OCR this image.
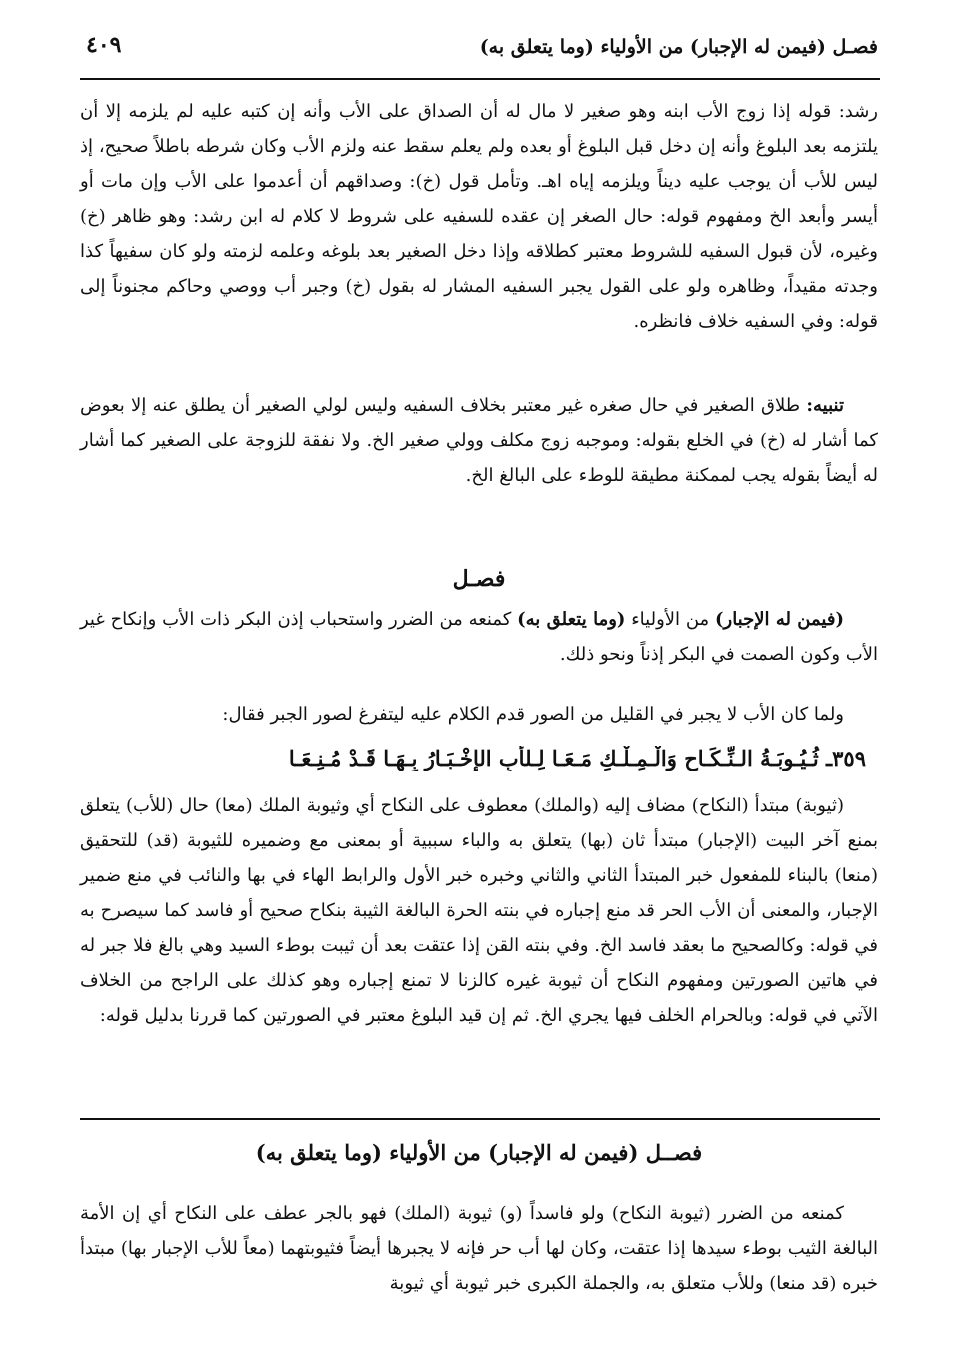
فصـل (فيمن له الإجبار) من الأولياء (وما يتعلق به)
٤٠٩

رشد: قوله إذا زوج الأب ابنه وهو صغير لا مال له أن الصداق على الأب وأنه إن كتبه عليه لم يلزمه إلا أن يلتزمه بعد البلوغ وأنه إن دخل قبل البلوغ أو بعده ولم يعلم سقط عنه ولزم الأب وكان شرطه باطلاً صحيح، إذ ليس للأب أن يوجب عليه ديناً ويلزمه إياه اهـ. وتأمل قول (خ): وصداقهم أن أعدموا على الأب وإن مات أو أيسر وأبعد الخ ومفهوم قوله: حال الصغر إن عقده للسفيه على شروط لا كلام له ابن رشد: وهو ظاهر (خ) وغيره، لأن قبول السفيه للشروط معتبر كطلاقه وإذا دخل الصغير بعد بلوغه وعلمه لزمته ولو كان سفيهاً كذا وجدته مقيداً، وظاهره ولو على القول يجبر السفيه المشار له بقول (خ) وجبر أب ووصي وحاكم مجنوناً إلى قوله: وفي السفيه خلاف فانظره.

تنبيه: طلاق الصغير في حال صغره غير معتبر بخلاف السفيه وليس لولي الصغير أن يطلق عنه إلا بعوض كما أشار له (خ) في الخلع بقوله: وموجبه زوج مكلف وولي صغير الخ. ولا نفقة للزوجة على الصغير كما أشار له أيضاً بقوله يجب لممكنة مطيقة للوطء على البالغ الخ.

فصـل

(فيمن له الإجبار) من الأولياء (وما يتعلق به) كمنعه من الضرر واستحباب إذن البكر ذات الأب وإنكاح غير الأب وكون الصمت في البكر إذناً ونحو ذلك.

ولما كان الأب لا يجبر في القليل من الصور قدم الكلام عليه ليتفرغ لصور الجبر فقال:

٣٥٩ـ ثُـيُـوبَـةُ الـنِّـكَـاحِ وَالْـمِـلْـكِ مَـعَـا لِـلأبِ الإِخْـبَـارُ بِـهَـا قَـدْ مُـنِـعَـا

(ثيوبة) مبتدأ (النكاح) مضاف إليه (والملك) معطوف على النكاح أي وثيوبة الملك (معا) حال (للأب) يتعلق بمنع آخر البيت (الإجبار) مبتدأ ثان (بها) يتعلق به والباء سببية أو بمعنى مع وضميره للثيوبة (قد) للتحقيق (منعا) بالبناء للمفعول خبر المبتدأ الثاني والثاني وخبره خبر الأول والرابط الهاء في بها والنائب في منع ضمير الإجبار، والمعنى أن الأب الحر قد منع إجباره في بنته الحرة البالغة الثيبة بنكاح صحيح أو فاسد كما سيصرح به في قوله: وكالصحيح ما بعقد فاسد الخ. وفي بنته القن إذا عتقت بعد أن ثيبت بوطء السيد وهي بالغ فلا جبر له في هاتين الصورتين ومفهوم النكاح أن ثيوبة غيره كالزنا لا تمنع إجباره وهو كذلك على الراجح من الخلاف الآتي في قوله: وبالحرام الخلف فيها يجري الخ. ثم إن قيد البلوغ معتبر في الصورتين كما قررنا بدليل قوله:

فصــل (فيمن له الإجبار) من الأولياء (وما يتعلق به)

كمنعه من الضرر (ثيوبة النكاح) ولو فاسداً (و) ثيوبة (الملك) فهو بالجر عطف على النكاح أي إن الأمة البالغة الثيب بوطء سيدها إذا عتقت، وكان لها أب حر فإنه لا يجبرها أيضاً فثيوبتهما (معاً للأب الإجبار بها) مبتدأ خبره (قد منعا) وللأب متعلق به، والجملة الكبرى خبر ثيوبة أي ثيوبة
